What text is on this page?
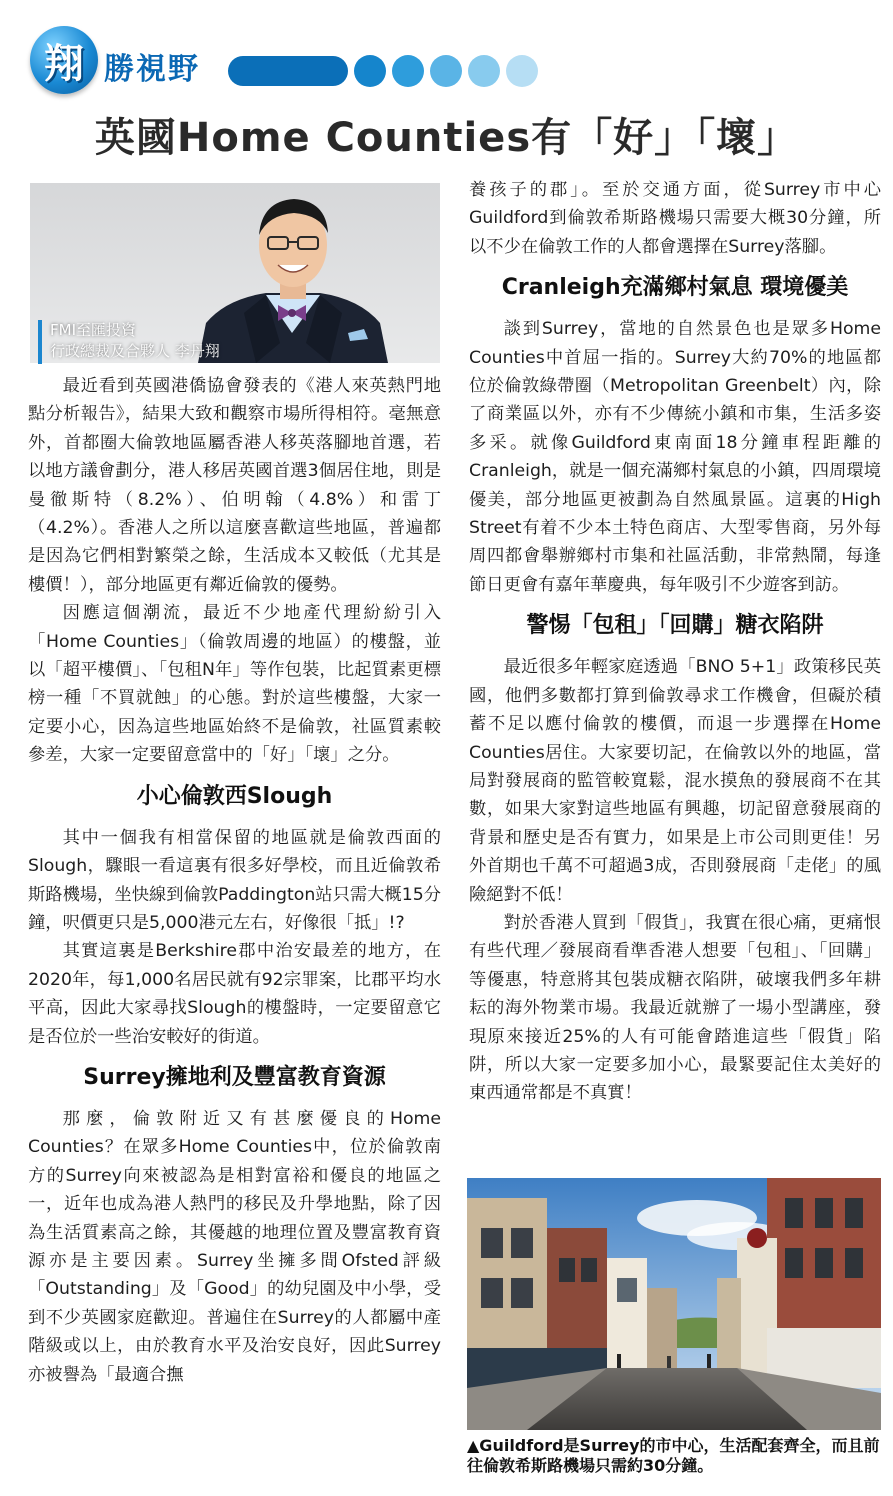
翔 勝視野
英國Home Counties有「好」「壞」
FMI至匯投資
行政總裁及合夥人 李丹翔

最近看到英國港僑協會發表的《港人來英熱門地點分析報告》，結果大致和觀察市場所得相符。毫無意外，首都圈大倫敦地區屬香港人移英落腳地首選，若以地方議會劃分，港人移居英國首選3個居住地，則是曼徹斯特（8.2%）、伯明翰（4.8%）和雷丁（4.2%）。香港人之所以這麼喜歡這些地區，普遍都是因為它們相對繁榮之餘，生活成本又較低（尤其是樓價！），部分地區更有鄰近倫敦的優勢。

因應這個潮流，最近不少地產代理紛紛引入「Home Counties」（倫敦周邊的地區）的樓盤，並以「超平樓價」、「包租N年」等作包裝，比起質素更標榜一種「不買就蝕」的心態。對於這些樓盤，大家一定要小心，因為這些地區始終不是倫敦，社區質素較參差，大家一定要留意當中的「好」「壞」之分。

小心倫敦西Slough

其中一個我有相當保留的地區就是倫敦西面的Slough，驟眼一看這裏有很多好學校，而且近倫敦希斯路機場，坐快線到倫敦Paddington站只需大概15分鐘，呎價更只是5,000港元左右，好像很「抵」!?

其實這裏是Berkshire郡中治安最差的地方，在2020年，每1,000名居民就有92宗罪案，比郡平均水平高，因此大家尋找Slough的樓盤時，一定要留意它是否位於一些治安較好的街道。

Surrey擁地利及豐富教育資源

那麼，倫敦附近又有甚麼優良的Home Counties？在眾多Home Counties中，位於倫敦南方的Surrey向來被認為是相對富裕和優良的地區之一，近年也成為港人熱門的移民及升學地點，除了因為生活質素高之餘，其優越的地理位置及豐富教育資源亦是主要因素。Surrey坐擁多間Ofsted評級「Outstanding」及「Good」的幼兒園及中小學，受到不少英國家庭歡迎。普遍住在Surrey的人都屬中產階級或以上，由於教育水平及治安良好，因此Surrey亦被譽為「最適合撫

養孩子的郡」。至於交通方面，從Surrey市中心Guildford到倫敦希斯路機場只需要大概30分鐘，所以不少在倫敦工作的人都會選擇在Surrey落腳。

Cranleigh充滿鄉村氣息 環境優美

談到Surrey，當地的自然景色也是眾多Home Counties中首屈一指的。Surrey大約70%的地區都位於倫敦綠帶圈（Metropolitan Greenbelt）內，除了商業區以外，亦有不少傳統小鎮和市集，生活多姿多采。就像Guildford東南面18分鐘車程距離的Cranleigh，就是一個充滿鄉村氣息的小鎮，四周環境優美，部分地區更被劃為自然風景區。這裏的High Street有着不少本土特色商店、大型零售商，另外每周四都會舉辦鄉村市集和社區活動，非常熱鬧，每逢節日更會有嘉年華慶典，每年吸引不少遊客到訪。

警惕「包租」「回購」糖衣陷阱

最近很多年輕家庭透過「BNO 5+1」政策移民英國，他們多數都打算到倫敦尋求工作機會，但礙於積蓄不足以應付倫敦的樓價，而退一步選擇在Home Counties居住。大家要切記，在倫敦以外的地區，當局對發展商的監管較寬鬆，混水摸魚的發展商不在其數，如果大家對這些地區有興趣，切記留意發展商的背景和歷史是否有實力，如果是上市公司則更佳！另外首期也千萬不可超過3成，否則發展商「走佬」的風險絕對不低！

對於香港人買到「假貨」，我實在很心痛，更痛恨有些代理／發展商看準香港人想要「包租」、「回購」等優惠，特意將其包裝成糖衣陷阱，破壞我們多年耕耘的海外物業市場。我最近就辦了一場小型講座，發現原來接近25%的人有可能會踏進這些「假貨」陷阱，所以大家一定要多加小心，最緊要記住太美好的東西通常都是不真實！

▲Guildford是Surrey的市中心，生活配套齊全，而且前往倫敦希斯路機場只需約30分鐘。
